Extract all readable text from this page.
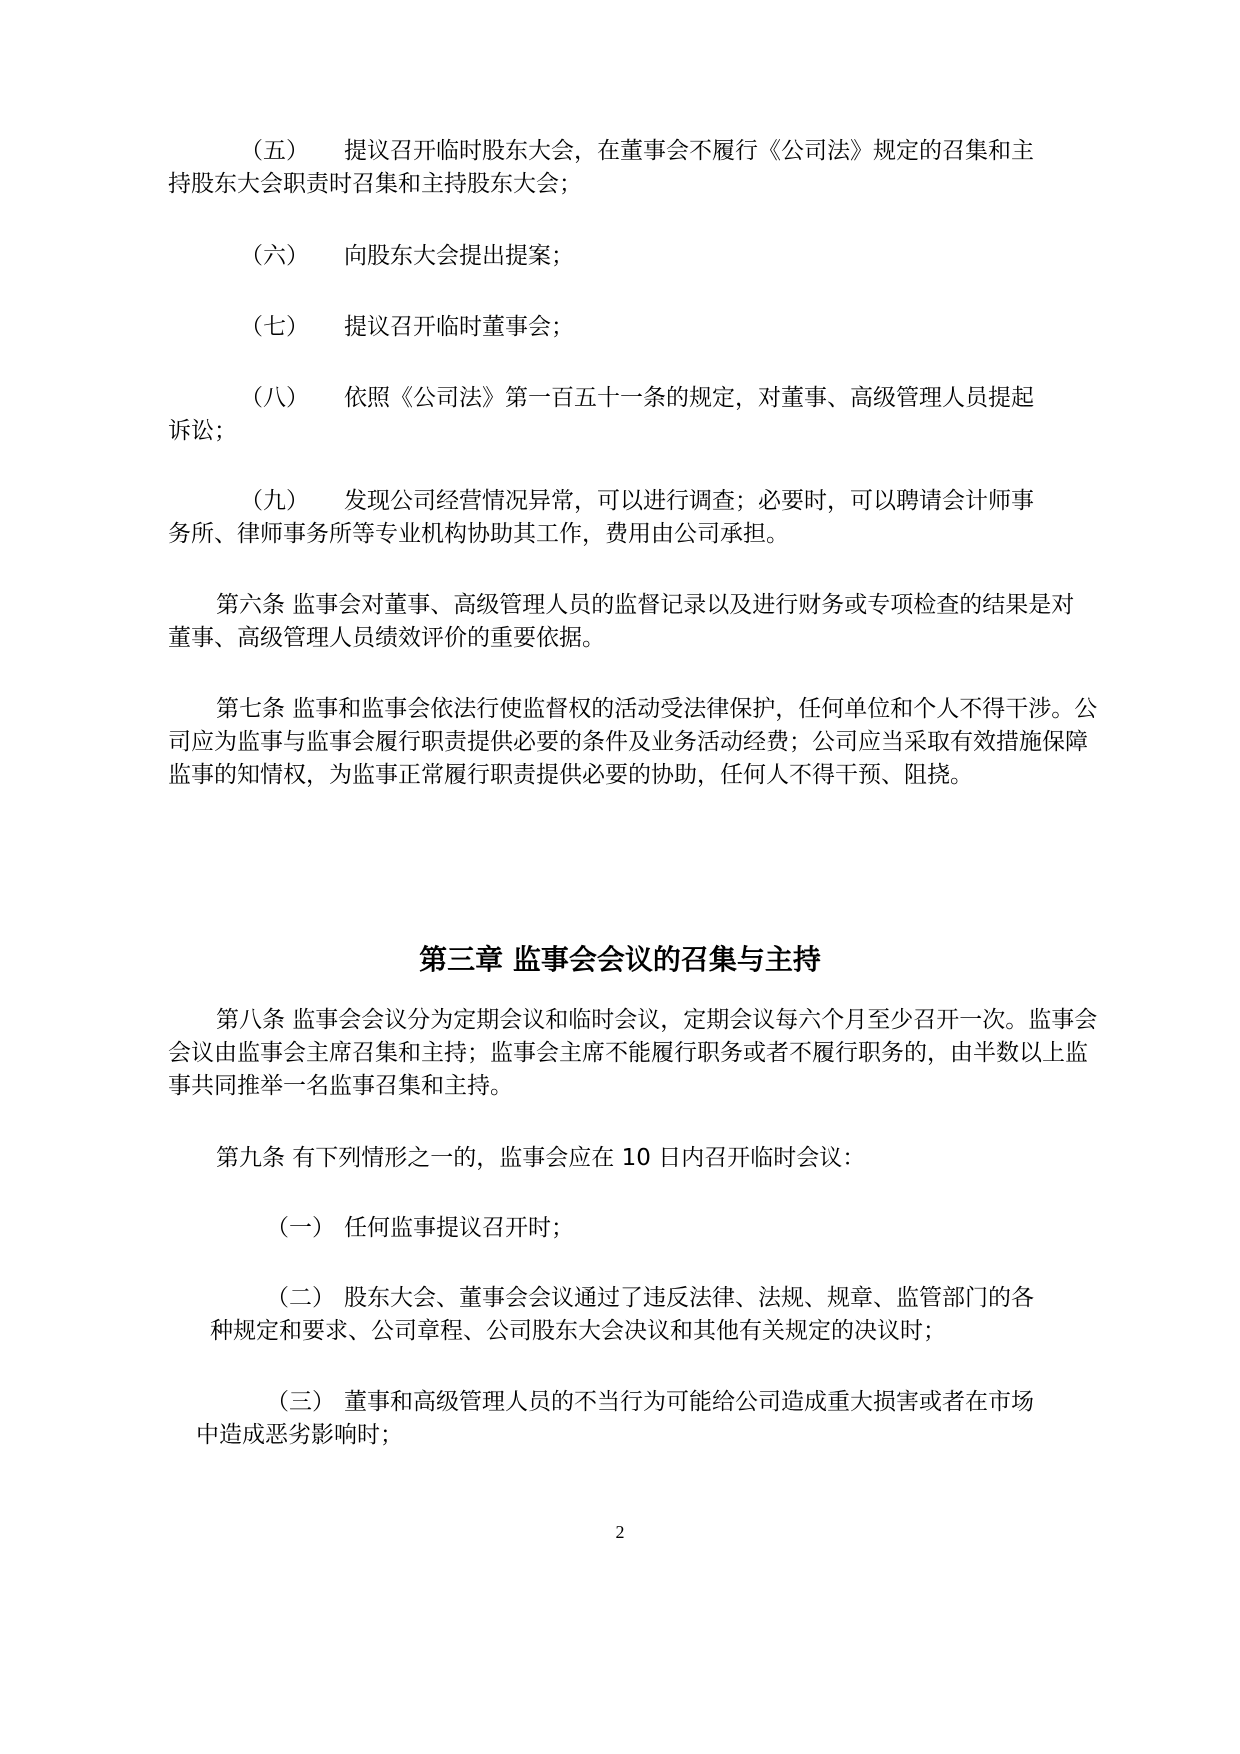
（五）	提议召开临时股东大会，在董事会不履行《公司法》规定的召集和主
持股东大会职责时召集和主持股东大会；
（六）	向股东大会提出提案；
（七）	提议召开临时董事会；
（八）	依照《公司法》第一百五十一条的规定，对董事、高级管理人员提起
诉讼；
（九）	发现公司经营情况异常，可以进行调查；必要时，可以聘请会计师事
务所、律师事务所等专业机构协助其工作，费用由公司承担。

第六条 监事会对董事、高级管理人员的监督记录以及进行财务或专项检查的结果是对董事、高级管理人员绩效评价的重要依据。

第七条 监事和监事会依法行使监督权的活动受法律保护，任何单位和个人不得干涉。公司应为监事与监事会履行职责提供必要的条件及业务活动经费；公司应当采取有效措施保障监事的知情权，为监事正常履行职责提供必要的协助，任何人不得干预、阻挠。

第三章 监事会会议的召集与主持

第八条 监事会会议分为定期会议和临时会议，定期会议每六个月至少召开一次。监事会会议由监事会主席召集和主持；监事会主席不能履行职务或者不履行职务的，由半数以上监事共同推举一名监事召集和主持。

第九条 有下列情形之一的，监事会应在 10 日内召开临时会议：

（一） 任何监事提议召开时；
（二） 股东大会、董事会会议通过了违反法律、法规、规章、监管部门的各
种规定和要求、公司章程、公司股东大会决议和其他有关规定的决议时；
（三） 董事和高级管理人员的不当行为可能给公司造成重大损害或者在市场
中造成恶劣影响时；
2
